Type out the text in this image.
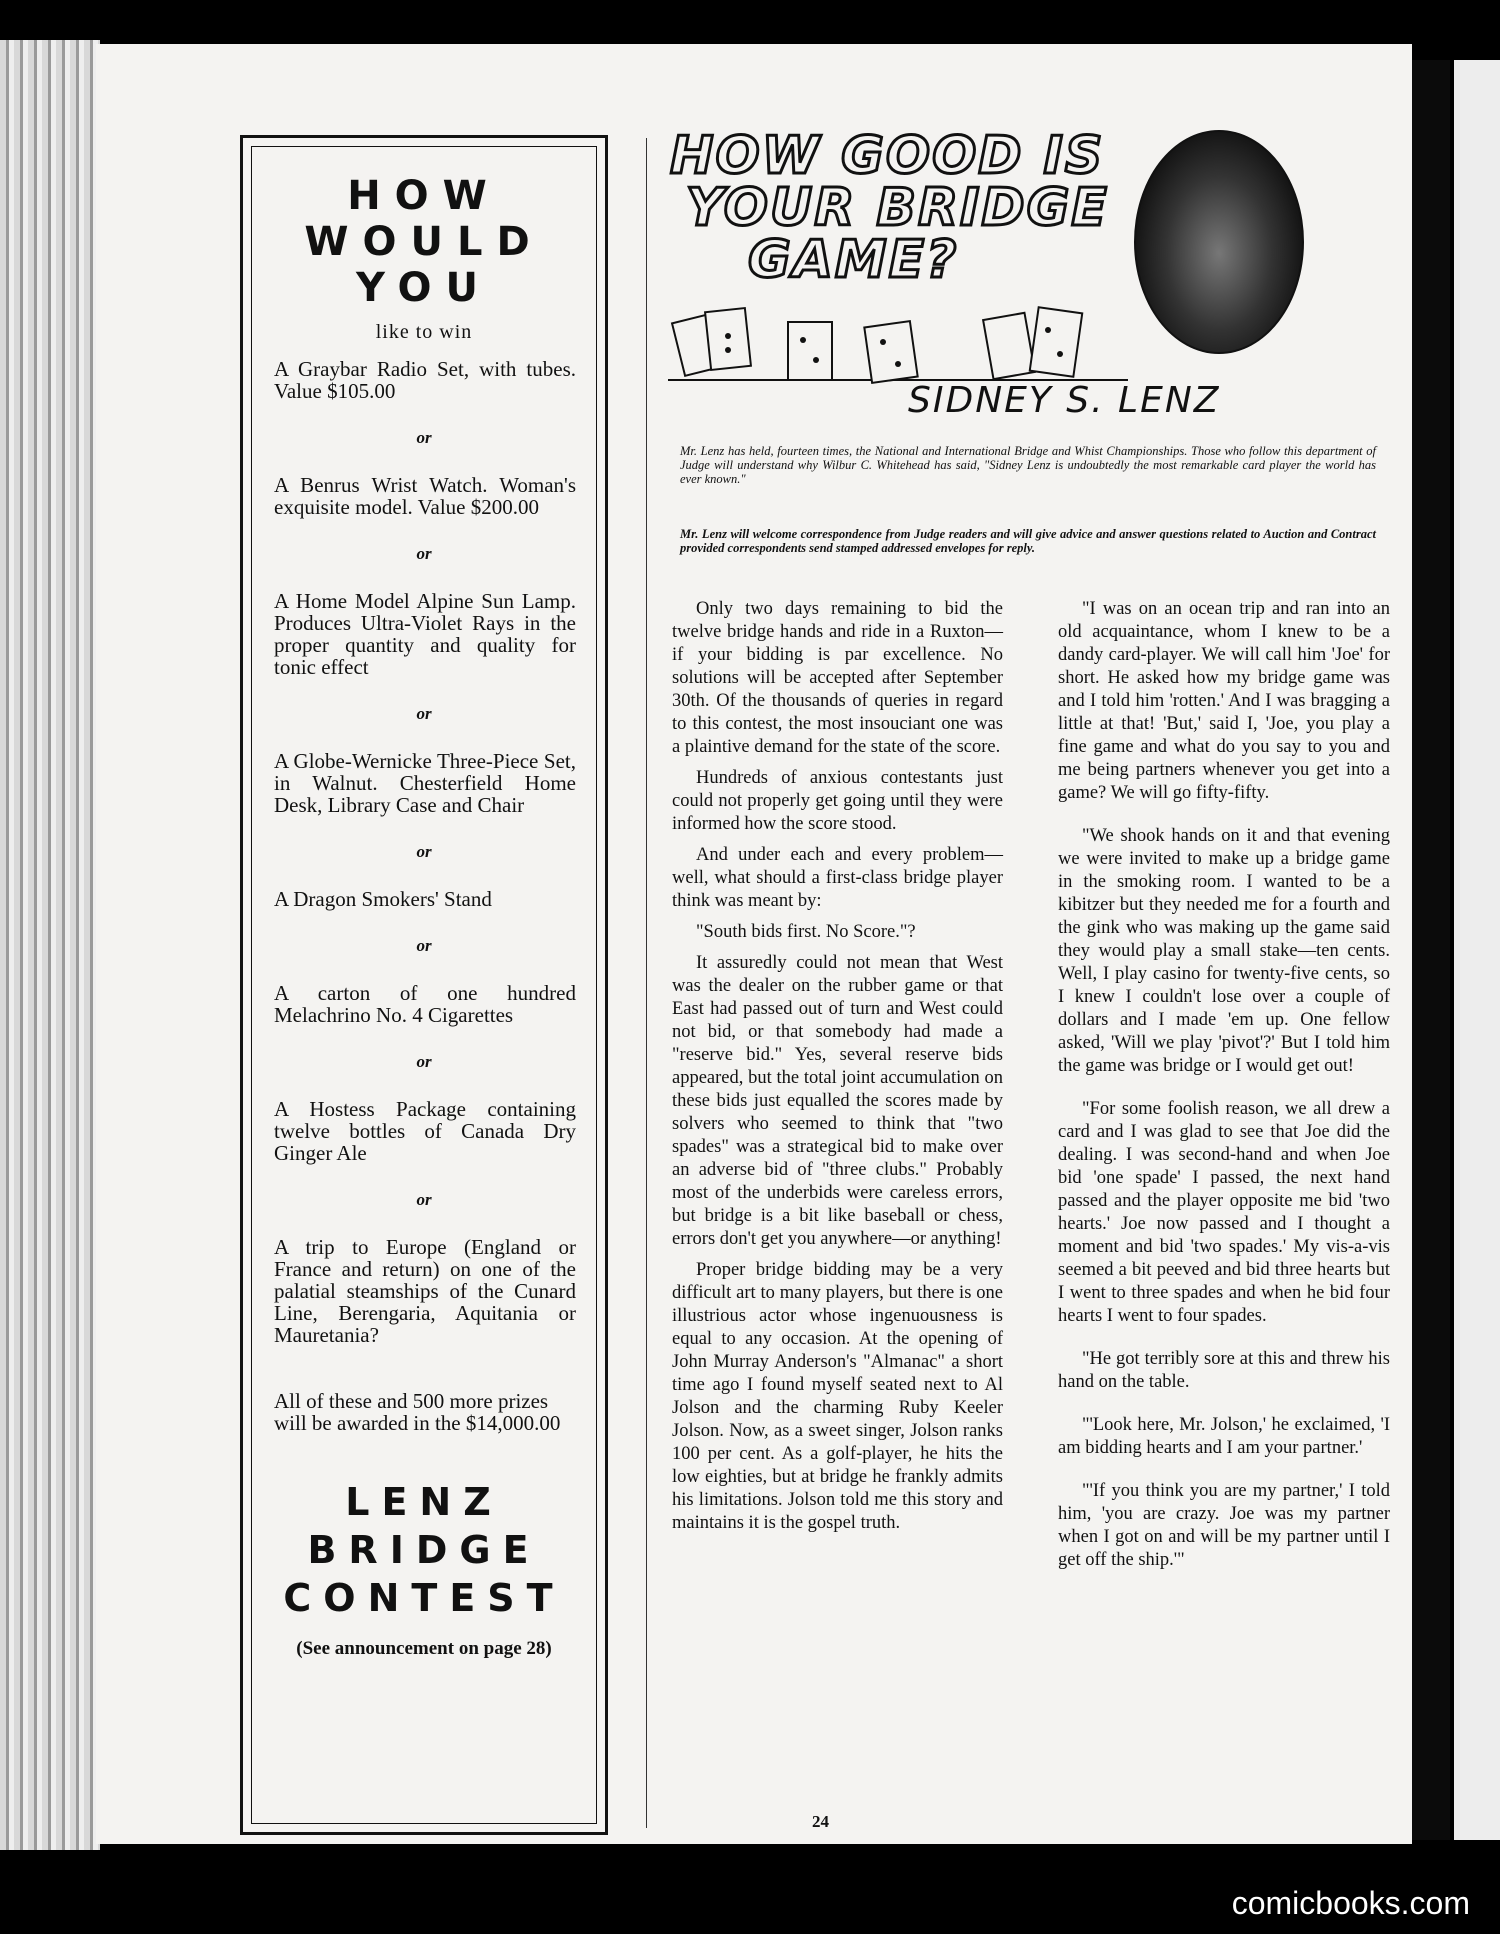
HOW
WOULD
YOU
like to win
A Graybar Radio Set, with tubes. Value $105.00
or
A Benrus Wrist Watch. Woman's exquisite model. Value $200.00
or
A Home Model Alpine Sun Lamp. Produces Ultra-Violet Rays in the proper quantity and quality for tonic effect
or
A Globe-Wernicke Three-Piece Set, in Walnut. Chesterfield Home Desk, Library Case and Chair
or
A Dragon Smokers' Stand
or
A carton of one hundred Melachrino No. 4 Cigarettes
or
A Hostess Package containing twelve bottles of Canada Dry Ginger Ale
or
A trip to Europe (England or France and return) on one of the palatial steamships of the Cunard Line, Berengaria, Aquitania or Mauretania?
All of these and 500 more prizes will be awarded in the $14,000.00
LENZ
BRIDGE
CONTEST
(See announcement on page 28)
HOW GOOD IS
YOUR BRIDGE
GAME?
SIDNEY S. LENZ
Mr. Lenz has held, fourteen times, the National and International Bridge and Whist Championships. Those who follow this department of Judge will understand why Wilbur C. Whitehead has said, "Sidney Lenz is undoubtedly the most remarkable card player the world has ever known."
Mr. Lenz will welcome correspondence from Judge readers and will give advice and answer questions related to Auction and Contract provided correspondents send stamped addressed envelopes for reply.

Only two days remaining to bid the twelve bridge hands and ride in a Ruxton—if your bidding is par excellence. No solutions will be accepted after September 30th. Of the thousands of queries in regard to this contest, the most insouciant one was a plaintive demand for the state of the score.

Hundreds of anxious contestants just could not properly get going until they were informed how the score stood.

And under each and every problem—well, what should a first-class bridge player think was meant by:

"South bids first. No Score."?

It assuredly could not mean that West was the dealer on the rubber game or that East had passed out of turn and West could not bid, or that somebody had made a "reserve bid." Yes, several reserve bids appeared, but the total joint accumulation on these bids just equalled the scores made by solvers who seemed to think that "two spades" was a strategical bid to make over an adverse bid of "three clubs." Probably most of the underbids were careless errors, but bridge is a bit like baseball or chess, errors don't get you anywhere—or anything!

Proper bridge bidding may be a very difficult art to many players, but there is one illustrious actor whose ingenuousness is equal to any occasion. At the opening of John Murray Anderson's "Almanac" a short time ago I found myself seated next to Al Jolson and the charming Ruby Keeler Jolson. Now, as a sweet singer, Jolson ranks 100 per cent. As a golf-player, he hits the low eighties, but at bridge he frankly admits his limitations. Jolson told me this story and maintains it is the gospel truth.

"I was on an ocean trip and ran into an old acquaintance, whom I knew to be a dandy card-player. We will call him 'Joe' for short. He asked how my bridge game was and I told him 'rotten.' And I was bragging a little at that! 'But,' said I, 'Joe, you play a fine game and what do you say to you and me being partners whenever you get into a game? We will go fifty-fifty.

"We shook hands on it and that evening we were invited to make up a bridge game in the smoking room. I wanted to be a kibitzer but they needed me for a fourth and the gink who was making up the game said they would play a small stake—ten cents. Well, I play casino for twenty-five cents, so I knew I couldn't lose over a couple of dollars and I made 'em up. One fellow asked, 'Will we play 'pivot'?' But I told him the game was bridge or I would get out!

"For some foolish reason, we all drew a card and I was glad to see that Joe did the dealing. I was second-hand and when Joe bid 'one spade' I passed, the next hand passed and the player opposite me bid 'two hearts.' Joe now passed and I thought a moment and bid 'two spades.' My vis-a-vis seemed a bit peeved and bid three hearts but I went to three spades and when he bid four hearts I went to four spades.

"He got terribly sore at this and threw his hand on the table.

"'Look here, Mr. Jolson,' he exclaimed, 'I am bidding hearts and I am your partner.'

"'If you think you are my partner,' I told him, 'you are crazy. Joe was my partner when I got on and will be my partner until I get off the ship.'"

24
comicbooks.com
